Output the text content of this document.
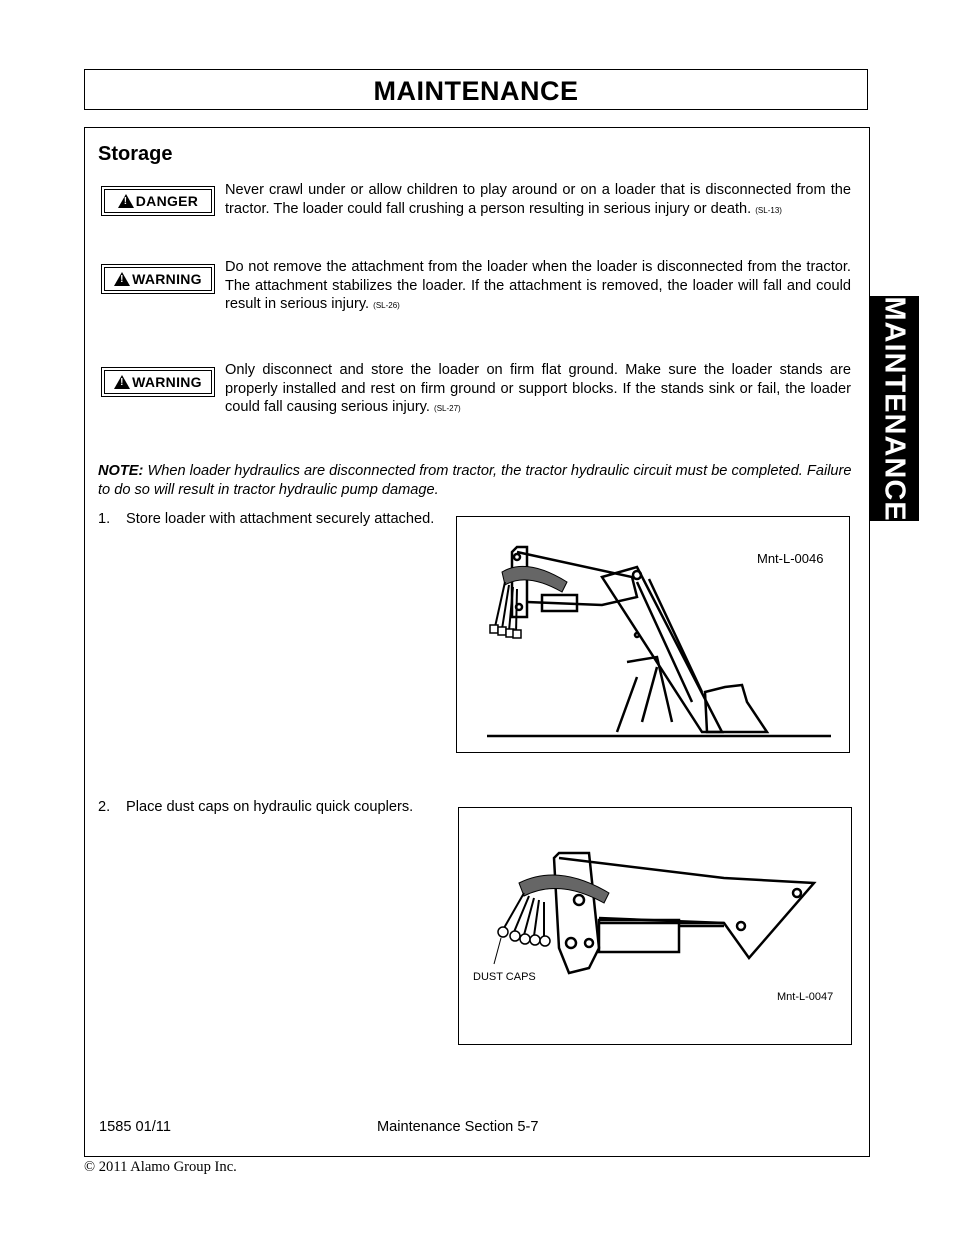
MAINTENANCE
MAINTENANCE
Storage
!
DANGER
Never crawl under or allow children to play around or on a loader that is disconnected from the tractor. The loader could fall crushing a person resulting in serious injury or death. (SL-13)
!
WARNING
Do not remove the attachment from the loader when the loader is disconnected from the tractor. The attachment stabilizes the loader. If the attachment is removed, the loader will fall and could result in serious injury. (SL-26)
!
WARNING
Only disconnect and store the loader on firm flat ground. Make sure the loader stands are properly installed and rest on firm ground or support blocks. If the stands sink or fail, the loader could fall causing serious injury. (SL-27)
NOTE: When loader hydraulics are disconnected from tractor, the tractor hydraulic circuit must be completed. Failure to do so will result in tractor hydraulic pump damage.
1. Store loader with attachment securely attached.
Mnt-L-0046
2. Place dust caps on hydraulic quick couplers.
DUST CAPS
Mnt-L-0047
1585 01/11	Maintenance Section 5-7
© 2011 Alamo Group Inc.
